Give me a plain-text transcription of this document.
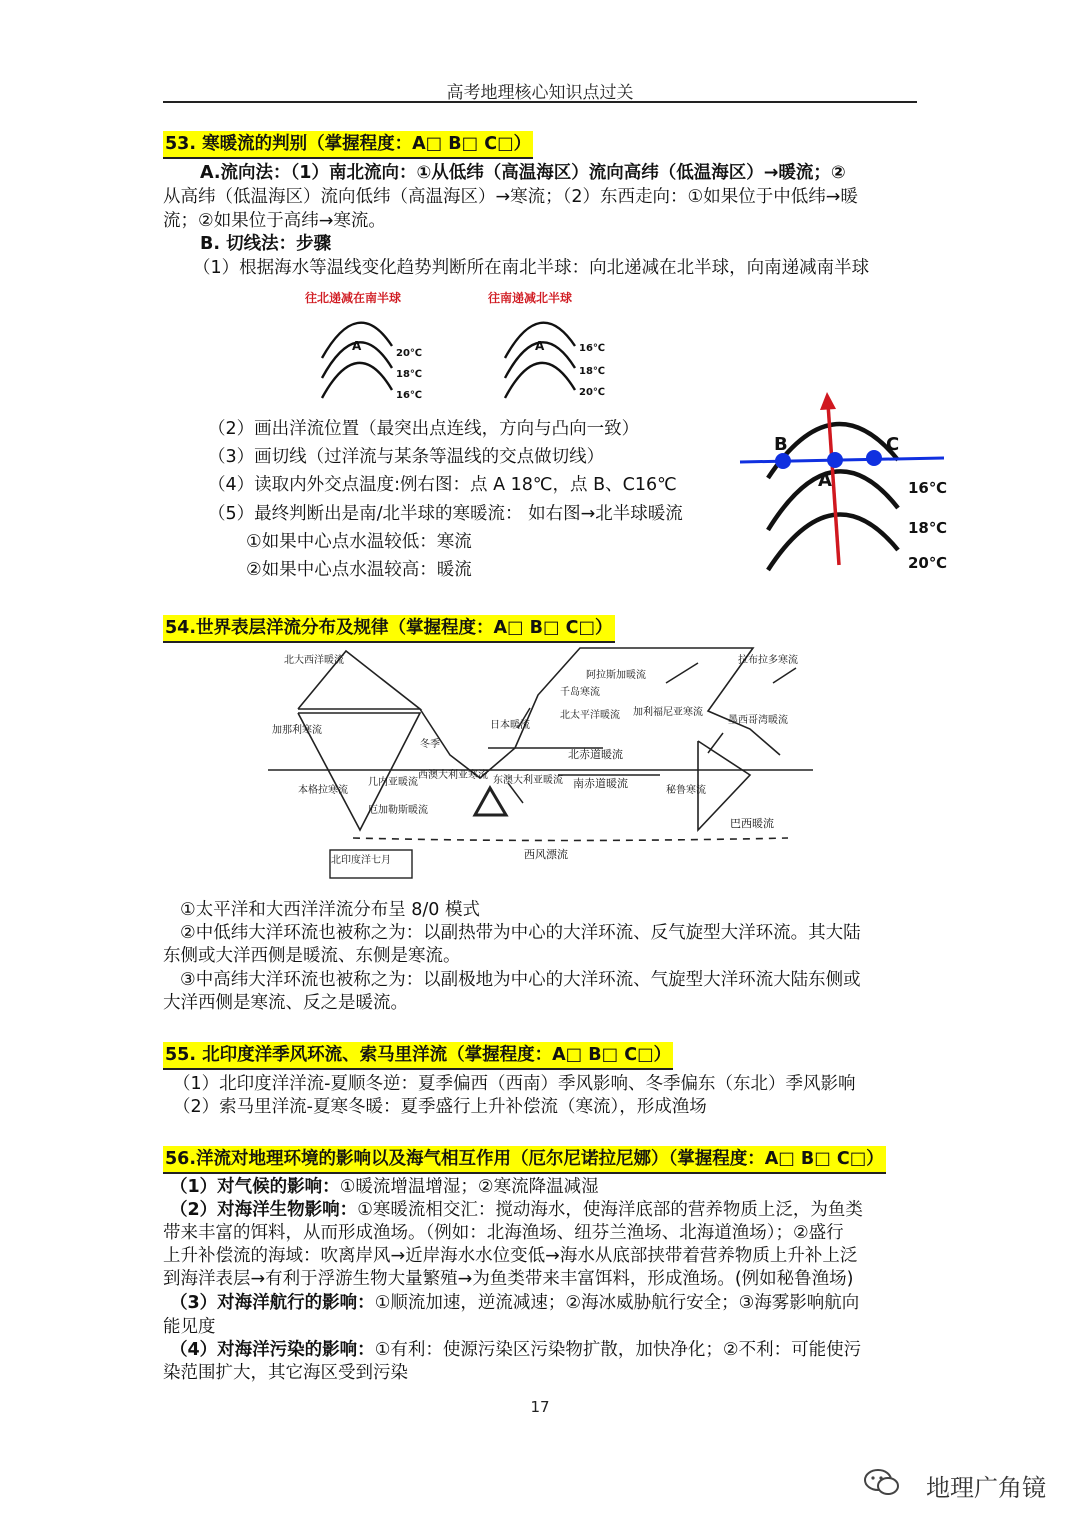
高考地理核心知识点过关
53. 寒暖流的判别（掌握程度：A□ B□ C□）
A.流向法：（1）南北流向：①从低纬（高温海区）流向高纬（低温海区）→暖流；②
从高纬（低温海区）流向低纬（高温海区）→寒流；（2）东西走向：①如果位于中低纬→暖
流；②如果位于高纬→寒流。
B. 切线法：步骤
（1）根据海水等温线变化趋势判断所在南北半球：向北递减在北半球，向南递减南半球
往北递减在南半球	往南递减北半球
A
20℃
18℃
16℃
A	16℃
18℃
20℃
（2）画出洋流位置（最突出点连线，方向与凸向一致）
（3）画切线（过洋流与某条等温线的交点做切线）
（4）读取内外交点温度:例右图：点 A 18℃，点 B、C16℃
（5）最终判断出是南/北半球的寒暖流： 如右图→北半球暖流
①如果中心点水温较低：寒流
②如果中心点水温较高：暖流
B
A
C
16℃
18℃
20℃
54.世界表层洋流分布及规律（掌握程度：A□ B□ C□）
北印度洋七月	西风漂流
北赤道暖流
南赤道暖流
巴西暖流
墨西哥湾暖流
冬季
阿拉斯加暖流
千岛寒流
北太平洋暖流 加利福尼亚寒流
日本暖流
几内亚暖流
西澳大利亚寒流 东澳大利亚暖流
厄加勒斯暖流
北大西洋暖流	拉布拉多寒流
加那利寒流
本格拉寒流	秘鲁寒流
①太平洋和大西洋洋流分布呈 8/0 模式
②中低纬大洋环流也被称之为：以副热带为中心的大洋环流、反气旋型大洋环流。其大陆
东侧或大洋西侧是暖流、东侧是寒流。
③中高纬大洋环流也被称之为：以副极地为中心的大洋环流、气旋型大洋环流大陆东侧或
大洋西侧是寒流、反之是暖流。
55. 北印度洋季风环流、索马里洋流（掌握程度：A□ B□ C□）
（1）北印度洋洋流-夏顺冬逆：夏季偏西（西南）季风影响、冬季偏东（东北）季风影响
（2）索马里洋流-夏寒冬暖：夏季盛行上升补偿流（寒流），形成渔场
56.洋流对地理环境的影响以及海气相互作用（厄尔尼诺拉尼娜）（掌握程度：A□ B□ C□）
（1）对气候的影响：①暖流增温增湿；②寒流降温减湿
（2）对海洋生物影响：①寒暖流相交汇：搅动海水，使海洋底部的营养物质上泛，为鱼类
带来丰富的饵料，从而形成渔场。（例如：北海渔场、纽芬兰渔场、北海道渔场）；②盛行
上升补偿流的海域：吹离岸风→近岸海水水位变低→海水从底部挟带着营养物质上升补上泛
到海洋表层→有利于浮游生物大量繁殖→为鱼类带来丰富饵料，形成渔场。(例如秘鲁渔场)
（3）对海洋航行的影响：①顺流加速，逆流减速；②海冰威胁航行安全；③海雾影响航向
能见度
（4）对海洋污染的影响：①有利：使源污染区污染物扩散，加快净化；②不利：可能使污
染范围扩大，其它海区受到污染
17
地理广角镜
